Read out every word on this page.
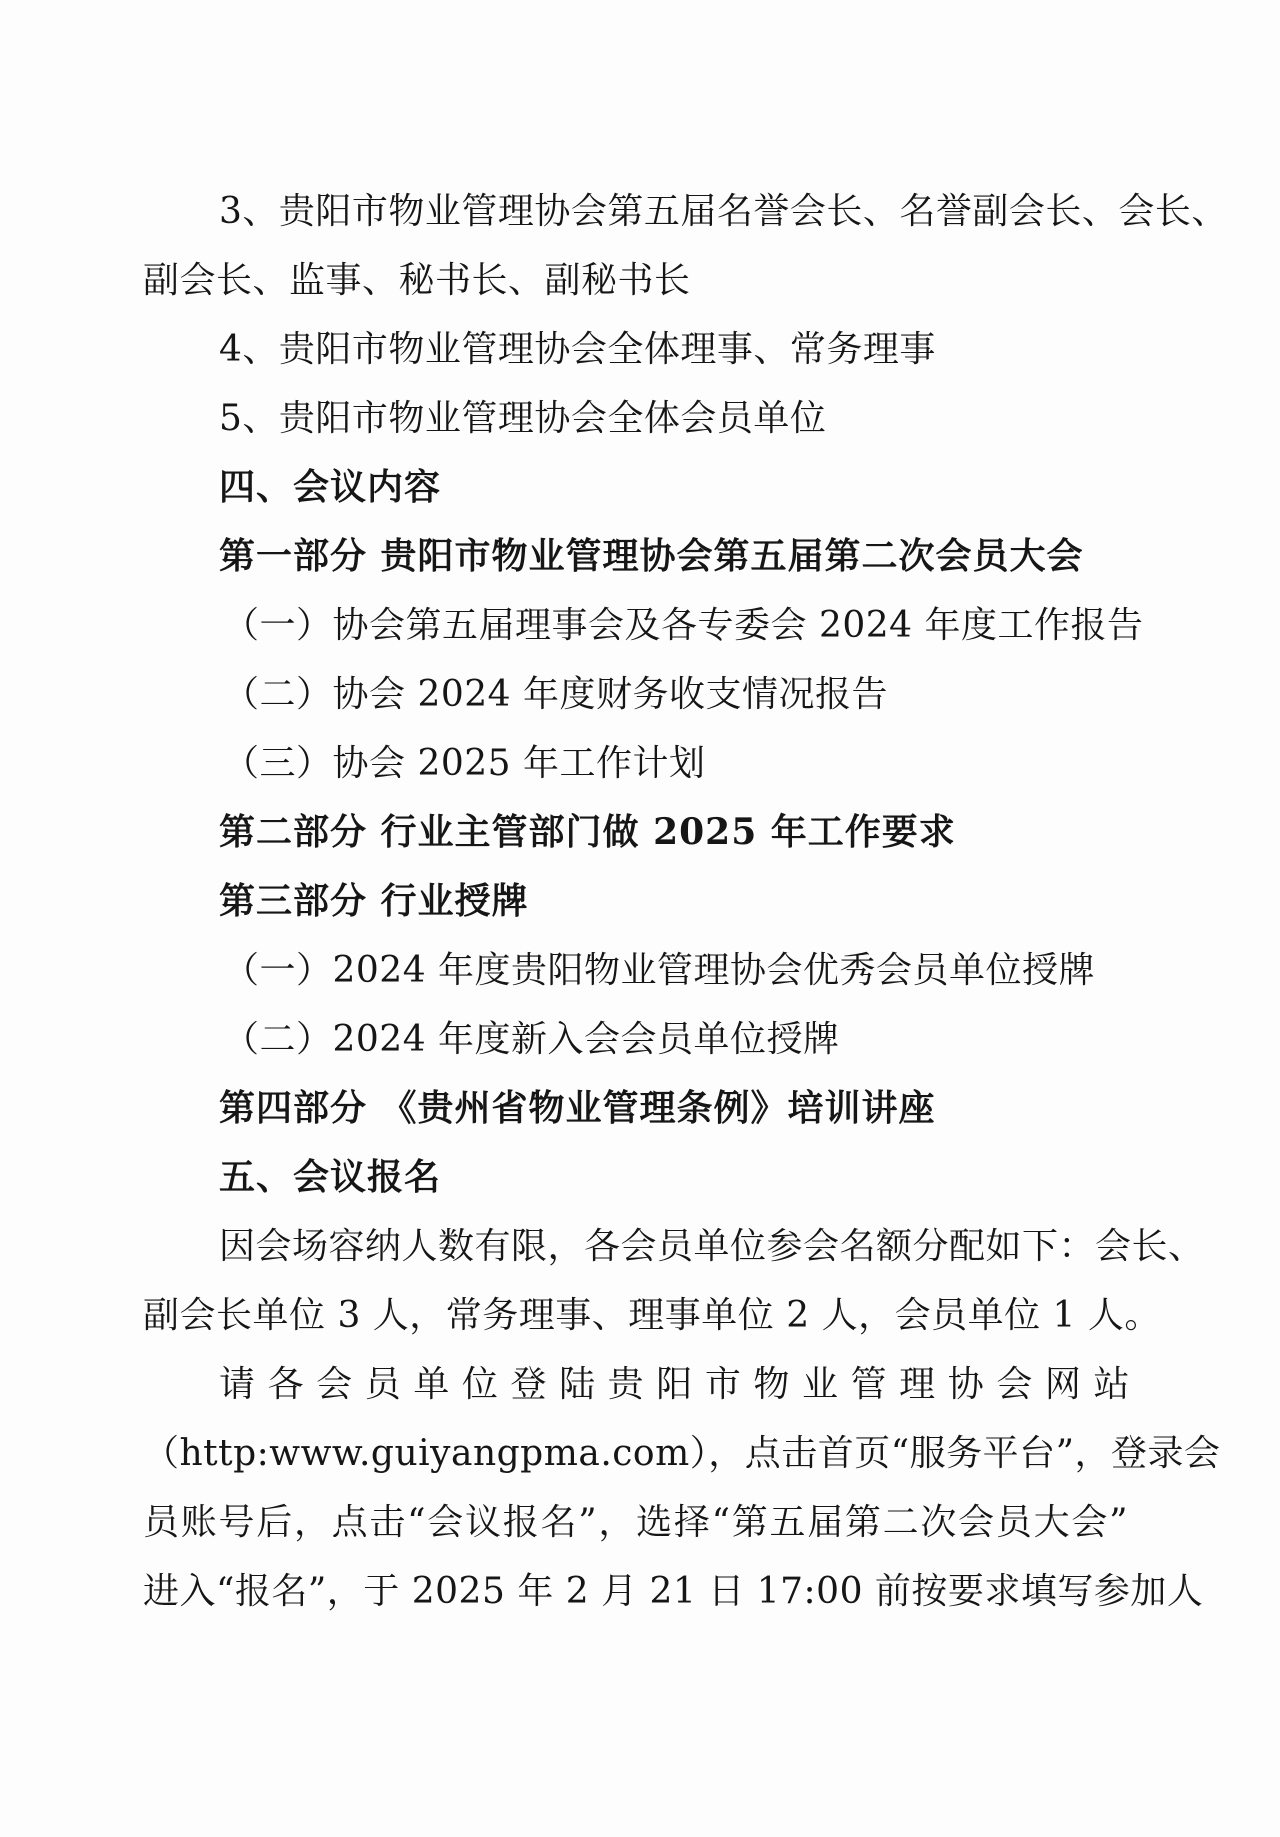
3、贵阳市物业管理协会第五届名誉会长、名誉副会长、会长、
副会长、监事、秘书长、副秘书长
4、贵阳市物业管理协会全体理事、常务理事
5、贵阳市物业管理协会全体会员单位
四、会议内容
第一部分 贵阳市物业管理协会第五届第二次会员大会
（一）协会第五届理事会及各专委会 2024 年度工作报告
（二）协会 2024 年度财务收支情况报告
（三）协会 2025 年工作计划
第二部分 行业主管部门做 2025 年工作要求
第三部分 行业授牌
（一）2024 年度贵阳物业管理协会优秀会员单位授牌
（二）2024 年度新入会会员单位授牌
第四部分 《贵州省物业管理条例》培训讲座
五、会议报名
因会场容纳人数有限，各会员单位参会名额分配如下：会长、
副会长单位 3 人，常务理事、理事单位 2 人，会员单位 1 人。
请各会员单位登陆贵阳市物业管理协会网站
（http:www.guiyangpma.com），点击首页“服务平台”，登录会
员账号后，点击“会议报名”，选择“第五届第二次会员大会”
进入“报名”，于 2025 年 2 月 21 日 17:00 前按要求填写参加人
